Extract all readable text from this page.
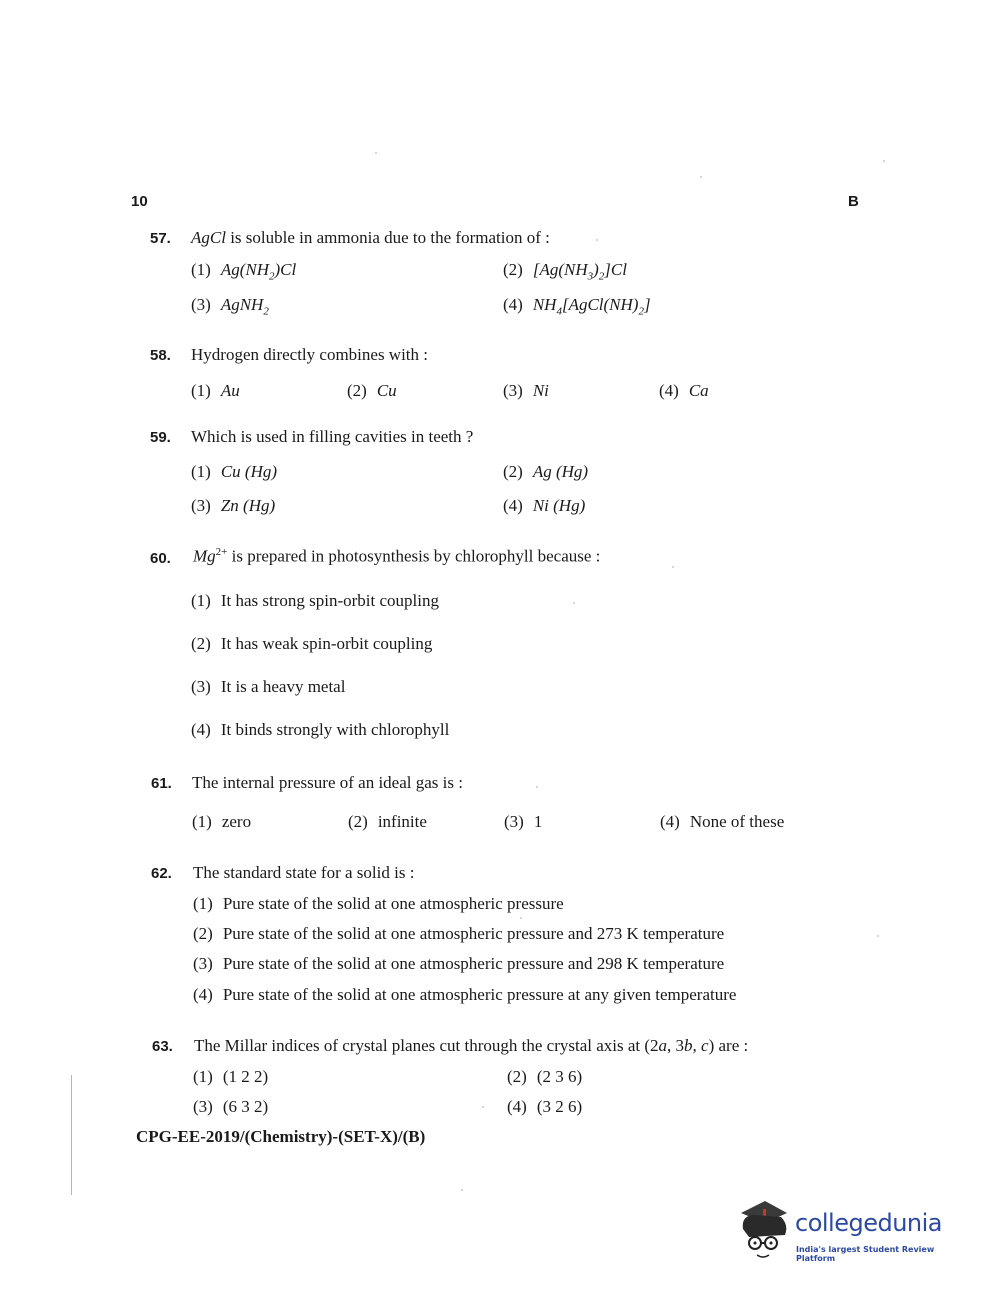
10	B
57. AgCl is soluble in ammonia due to the formation of :
(1) $Ag(NH_2)Cl$	(2) $[Ag(NH_3)_2]Cl$
(3) AgNH$_2$	(4) $NH_4[AgCl(NH)_2]$
58. Hydrogen directly combines with :
(1) Au	(2) Cu	(3) Ni	(4) Ca
59. Which is used in filling cavities in teeth ?
(1) Cu (Hg)	(2) Ag (Hg)
(3) Zn (Hg)	(4) Ni (Hg)
60. $Mg^{2+}$ is prepared in photosynthesis by chlorophyll because :
(1) It has strong spin-orbit coupling
(2) It has weak spin-orbit coupling
(3) It is a heavy metal
(4) It binds strongly with chlorophyll
61. The internal pressure of an ideal gas is :
(1) zero	(2) infinite	(3) 1	(4) None of these
62. The standard state for a solid is :
(1) Pure state of the solid at one atmospheric pressure
(2) Pure state of the solid at one atmospheric pressure and 273 K temperature
(3) Pure state of the solid at one atmospheric pressure and 298 K temperature
(4) Pure state of the solid at one atmospheric pressure at any given temperature
63. The Millar indices of crystal planes cut through the crystal axis at (2a, 3b, c) are :
(1) (1 2 2)	(2) (2 3 6)
(3) (6 3 2)	(4) (3 2 6)
CPG-EE-2019/(Chemistry)-(SET-X)/(B)
collegedunia
India's largest Student Review Platform
